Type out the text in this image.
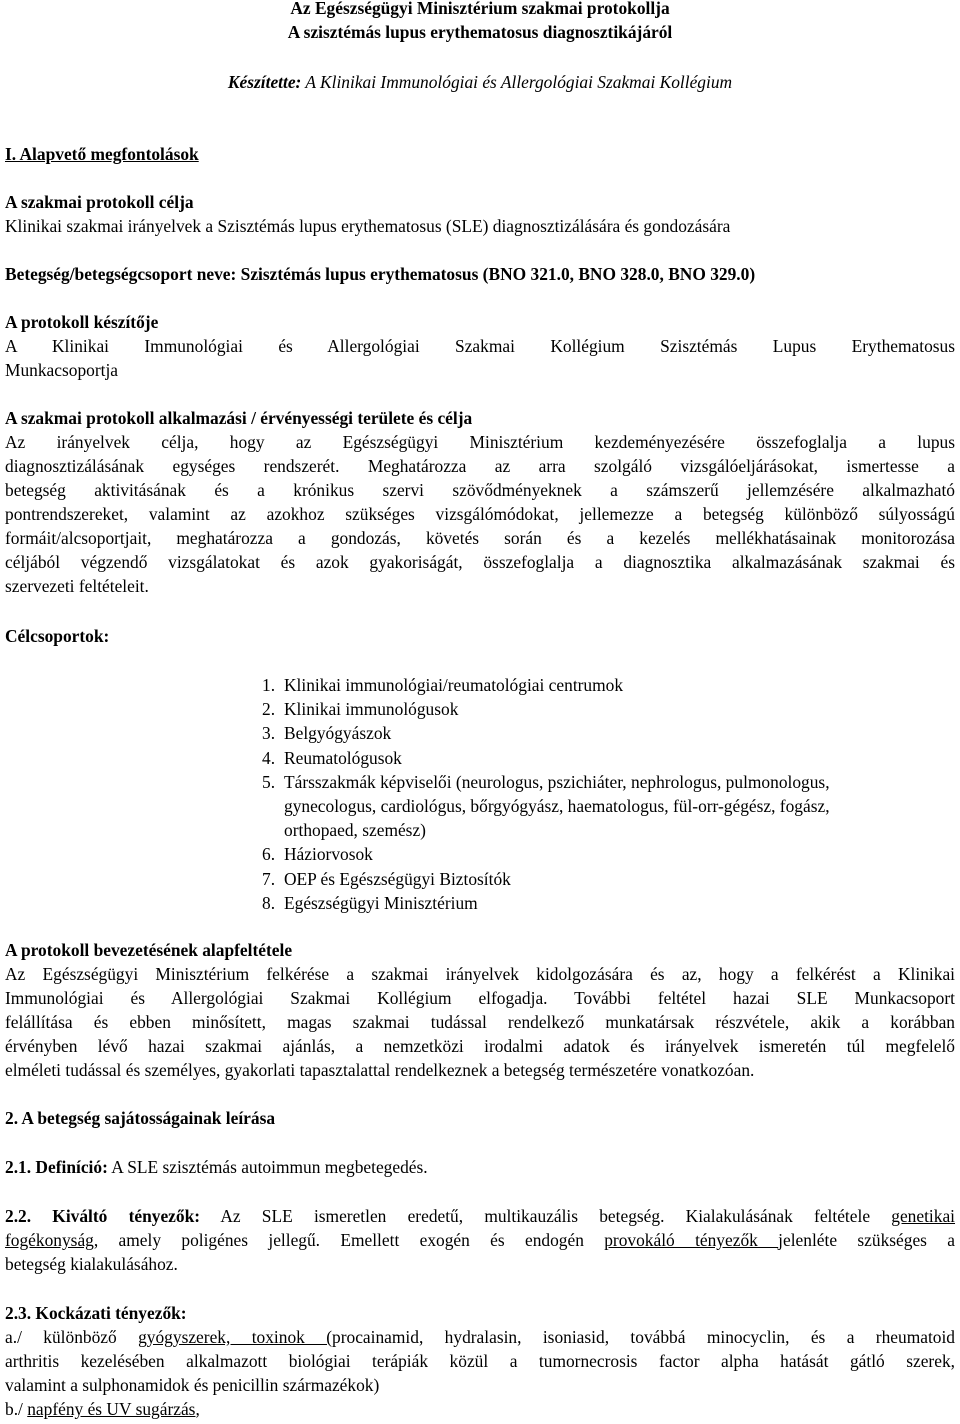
Az Egészségügyi Minisztérium szakmai protokollja
A szisztémás lupus erythematosus diagnosztikájáról
Készítette: A Klinikai Immunológiai és Allergológiai Szakmai Kollégium
I. Alapvető megfontolások
A szakmai protokoll célja
Klinikai szakmai irányelvek a Szisztémás lupus erythematosus (SLE) diagnosztizálására és gondozására
Betegség/betegségcsoport neve: Szisztémás lupus erythematosus (BNO 321.0, BNO 328.0, BNO 329.0)
A protokoll készítője
A Klinikai Immunológiai és Allergológiai Szakmai Kollégium Szisztémás Lupus Erythematosus
Munkacsoportja
A szakmai protokoll alkalmazási / érvényességi területe és célja
Az irányelvek célja, hogy az Egészségügyi Minisztérium kezdeményezésére összefoglalja a lupus
diagnosztizálásának egységes rendszerét. Meghatározza az arra szolgáló vizsgálóeljárásokat, ismertesse a
betegség aktivitásának és a krónikus szervi szövődményeknek a számszerű jellemzésére alkalmazható
pontrendszereket, valamint az azokhoz szükséges vizsgálómódokat, jellemezze a betegség különböző súlyosságú
formáit/alcsoportjait, meghatározza a gondozás, követés során és a kezelés mellékhatásainak monitorozása
céljából végzendő vizsgálatokat és azok gyakoriságát, összefoglalja a diagnosztika alkalmazásának szakmai és
szervezeti feltételeit.
Célcsoportok:
1. Klinikai immunológiai/reumatológiai centrumok
2. Klinikai immunológusok
3. Belgyógyászok
4. Reumatológusok
5. Társszakmák képviselői (neurologus, pszichiáter, nephrologus, pulmonologus,
gynecologus, cardiológus, bőrgyógyász, haematologus, fül-orr-gégész, fogász,
orthopaed, szemész)
6. Háziorvosok
7. OEP és Egészségügyi Biztosítók
8. Egészségügyi Minisztérium
A protokoll bevezetésének alapfeltétele
Az Egészségügyi Minisztérium felkérése a szakmai irányelvek kidolgozására és az, hogy a felkérést a Klinikai
Immunológiai és Allergológiai Szakmai Kollégium elfogadja. További feltétel hazai SLE Munkacsoport
felállítása és ebben minősített, magas szakmai tudással rendelkező munkatársak részvétele, akik a korábban
érvényben lévő hazai szakmai ajánlás, a nemzetközi irodalmi adatok és irányelvek ismeretén túl megfelelő
elméleti tudással és személyes, gyakorlati tapasztalattal rendelkeznek a betegség természetére vonatkozóan.
2. A betegség sajátosságainak leírása
2.1. Definíció: A SLE szisztémás autoimmun megbetegedés.
2.2. Kiváltó tényezők: Az SLE ismeretlen eredetű, multikauzális betegség. Kialakulásának feltétele genetikai
fogékonyság, amely poligénes jellegű. Emellett exogén és endogén provokáló tényezők jelenléte szükséges a
betegség kialakulásához.
2.3. Kockázati tényezők:
a./ különböző gyógyszerek, toxinok (procainamid, hydralasin, isoniasid, továbbá minocyclin, és a rheumatoid
arthritis kezelésében alkalmazott biológiai terápiák közül a tumornecrosis factor alpha hatását gátló szerek,
valamint a sulphonamidok és penicillin származékok)
b./ napfény és UV sugárzás,
